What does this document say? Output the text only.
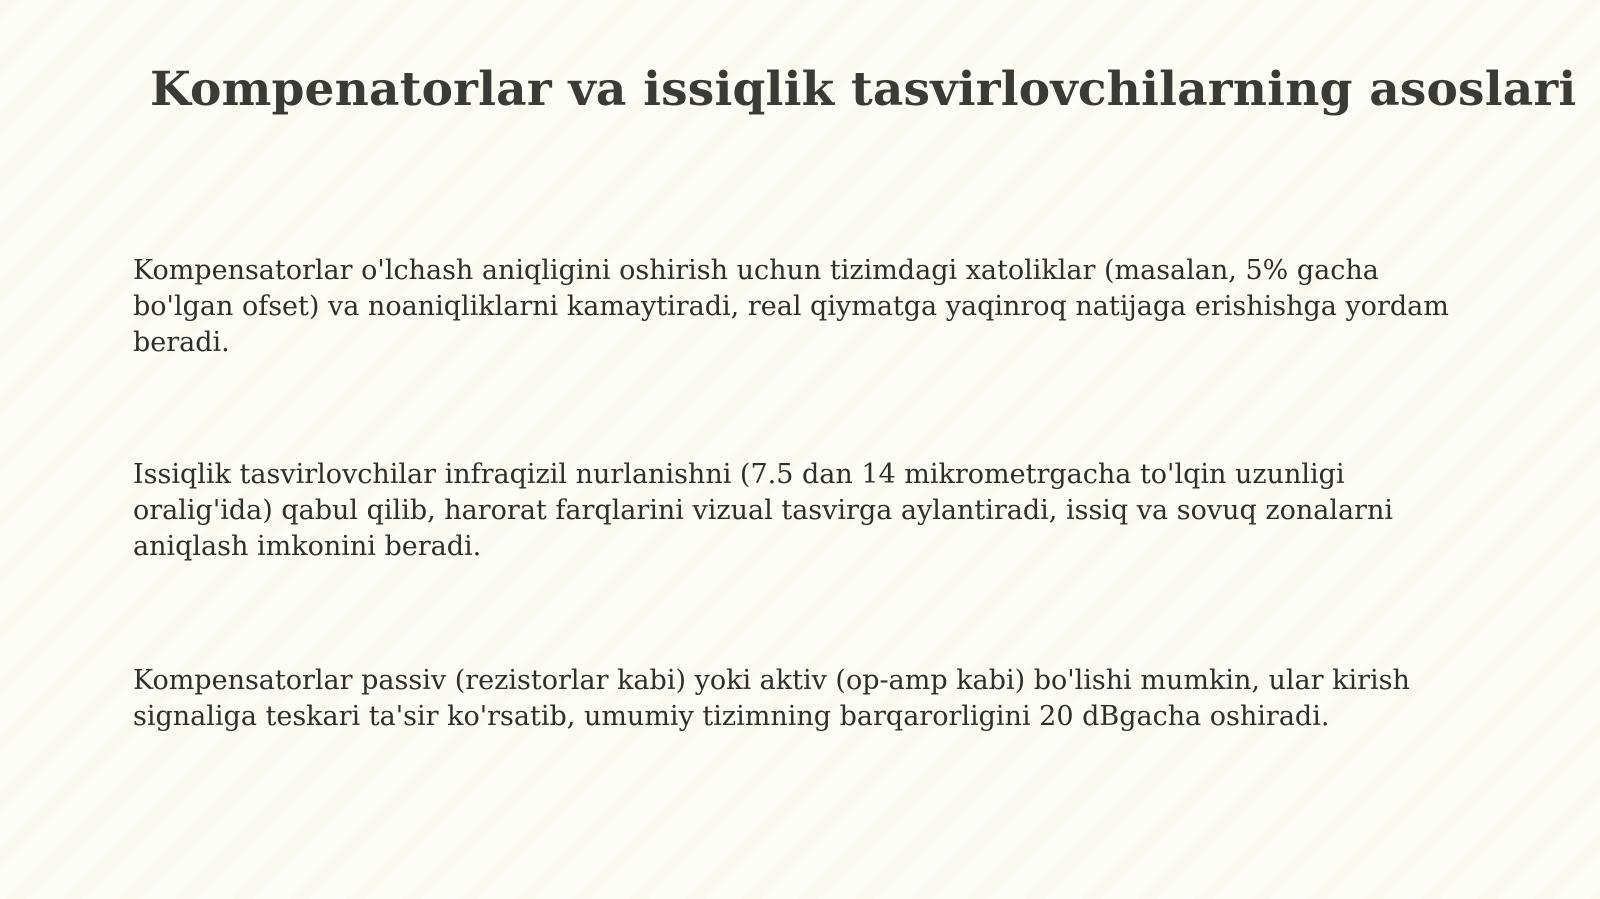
Kompenatorlar va issiqlik tasvirlovchilarning asoslari

Kompensatorlar o'lchash aniqligini oshirish uchun tizimdagi xatoliklar (masalan, 5% gacha bo'lgan ofset) va noaniqliklarni kamaytiradi, real qiymatga yaqinroq natijaga erishishga yordam beradi.

Issiqlik tasvirlovchilar infraqizil nurlanishni (7.5 dan 14 mikrometrgacha to'lqin uzunligi oralig'ida) qabul qilib, harorat farqlarini vizual tasvirga aylantiradi, issiq va sovuq zonalarni aniqlash imkonini beradi.

Kompensatorlar passiv (rezistorlar kabi) yoki aktiv (op-amp kabi) bo'lishi mumkin, ular kirish signaliga teskari ta'sir ko'rsatib, umumiy tizimning barqarorligini 20 dBgacha oshiradi.
